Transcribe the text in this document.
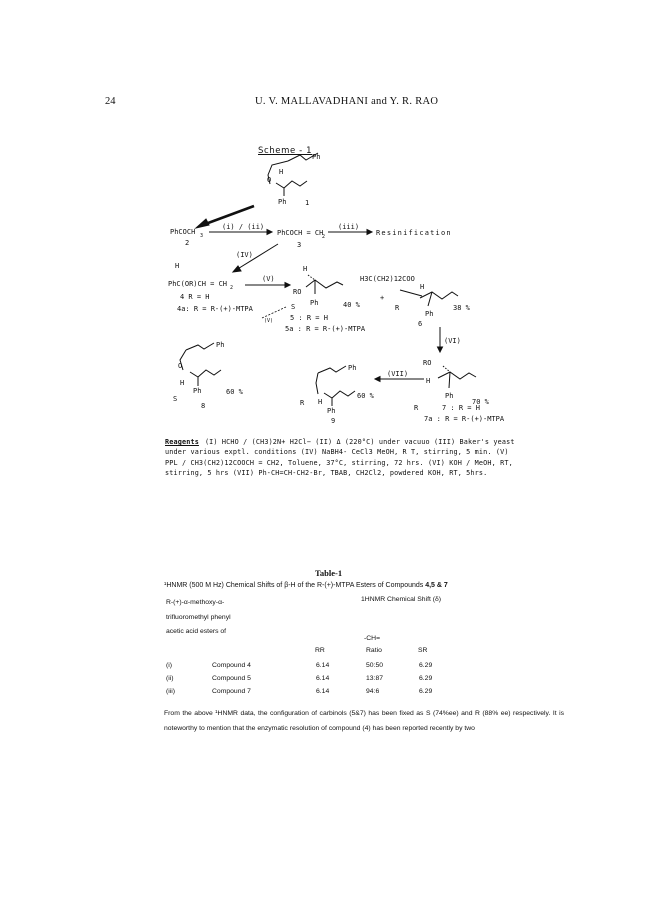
24	U. V. MALLAVADHANI and Y. R. RAO
Scheme - 1
Ph
H
O
Ph	1
PhCOCH 3
2
(i) / (ii)
PhCOCH = CH
2
3
(iii)
Resinification
(IV)
H
PhC(OR)CH = CH 2
4 R = H
4a: R = R-(+)-MTPA
(V)
(V)
H
RO
S Ph	40 %
5 : R = H
5a : R = R-(+)-MTPA
+
H3C(CH2)12COO
H
R
Ph
6
38 %
(VI)
Ph
O
H
Ph	60 %
S
8
Ph
(VII)
H
R
Ph
9
60 %
RO
H
Ph
70 %
R	7 : R = H
7a : R = R-(+)-MTPA
Reagents (I) HCHO / (CH3)2N+ H2Cl− (II) Δ (220°C) under vacuuo (III) Baker's yeast under various exptl. conditions (IV) NaBH4- CeCl3 MeOH, R T, stirring, 5 min. (V) PPL / CH3(CH2)12COOCH = CH2, Toluene, 37°C, stirring, 72 hrs. (VI) KOH / MeOH, RT, stirring, 5 hrs (VII) Ph-CH=CH-CH2-Br, TBAB, CH2Cl2, powdered KOH, RT, 5hrs.
Table-1
¹HNMR (500 M Hz) Chemical Shifts of β-H of the R-(+)-MTPA Esters of Compounds 4,5 & 7
R-(+)-α-methoxy-α-
trifluoromethyl phenyl
acetic acid esters of
1HNMR Chemical Shift (δ)
-CH=
RR	Ratio	SR
(i)	Compound 4	6.14	50:50	6.29
(ii)	Compound 5	6.14	13:87	6.29
(iii)	Compound 7	6.14	94:6	6.29
From the above ¹HNMR data, the configuration of carbinols (5&7) has been fixed as S (74%ee) and R (88% ee) respectively. It is noteworthy to mention that the enzymatic resolution of compound (4) has been reported recently by two
